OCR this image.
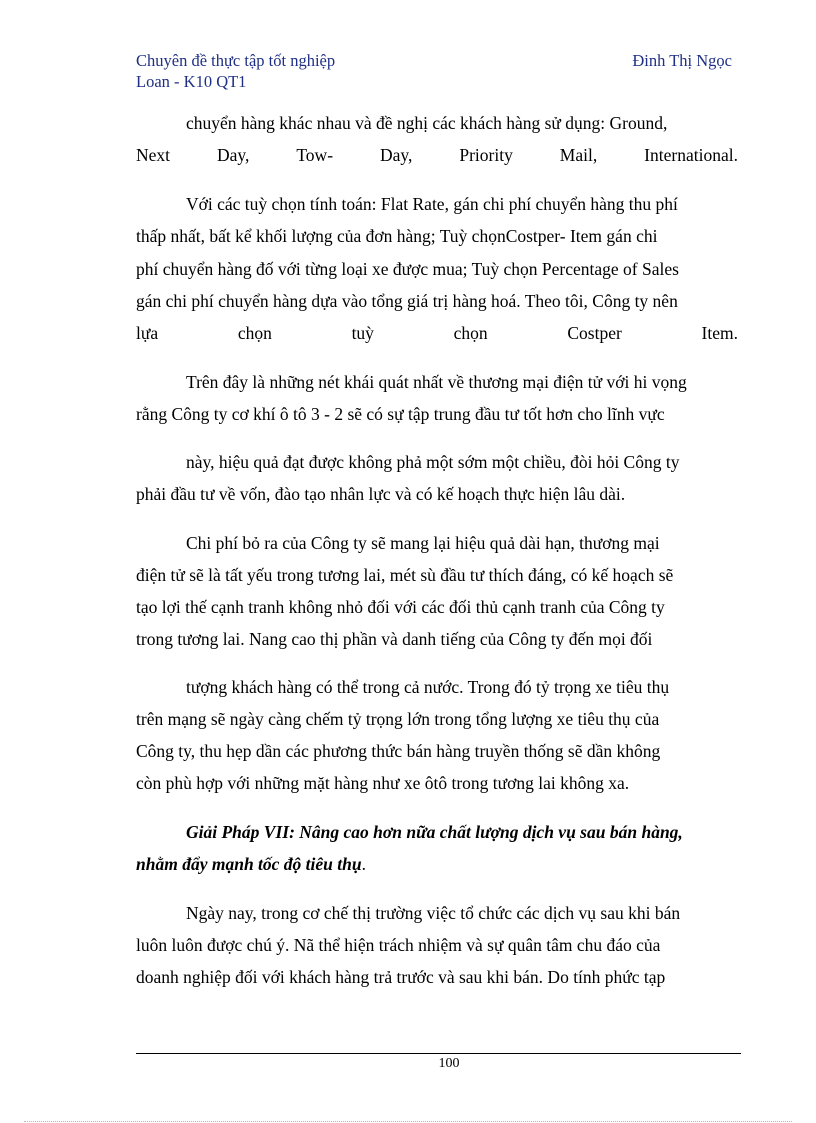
Chuyên đề thực tập tốt nghiệp	Đinh Thị Ngọc
Loan - K10 QT1
chuyển hàng khác nhau và đề nghị các khách hàng sử dụng: Ground,
Next	Day,	Tow-	Day,	Priority	Mail,	International.
Với các tuỳ chọn tính toán: Flat Rate, gán chi phí chuyển hàng thu phí
thấp nhất, bất kể khối lượng của đơn hàng; Tuỳ chọnCostper- Item gán chi
phí chuyển hàng đố với từng loại xe được mua; Tuỳ chọn Percentage of Sales
gán chi phí chuyển hàng dựa vào tổng giá trị hàng hoá. Theo tôi, Công ty nên
lựa	chọn	tuỳ	chọn	Costper	Item.
Trên đây là những nét khái quát nhất về thương mại điện tử với hi vọng
rằng Công ty cơ khí ô tô 3 - 2 sẽ có sự tập trung đầu tư tốt hơn cho lĩnh vực
này, hiệu quả đạt được không phả một sớm một chiều, đòi hỏi Công ty
phải đầu tư về vốn, đào tạo nhân lực và có kế hoạch thực hiện lâu dài.
Chi phí bỏ ra của Công ty sẽ mang lại hiệu quả dài hạn, thương mại
điện tử sẽ là tất yếu trong tương lai, mét sù đầu tư thích đáng, có kế hoạch sẽ
tạo lợi thế cạnh tranh không nhỏ đối với các đối thủ cạnh tranh của Công ty
trong tương lai. Nang cao thị phần và danh tiếng của Công ty đến mọi đối
tượng khách hàng có thể trong cả nước. Trong đó tỷ trọng xe tiêu thụ
trên mạng sẽ ngày càng chếm tỷ trọng lớn trong tổng lượng xe tiêu thụ của
Công ty, thu hẹp dần các phương thức bán hàng truyền thống sẽ dần không
còn phù hợp với những mặt hàng như xe ôtô trong tương lai không xa.
Giải Pháp VII: Nâng cao hơn nữa chất lượng dịch vụ sau bán hàng,
nhằm đẩy mạnh tốc độ tiêu thụ.
Ngày nay, trong cơ chế thị trường việc tổ chức các dịch vụ sau khi bán
luôn luôn được chú ý. Nã thể hiện trách nhiệm và sự quân tâm chu đáo của
doanh nghiệp đối với khách hàng trả trước và sau khi bán. Do tính phức tạp
100
